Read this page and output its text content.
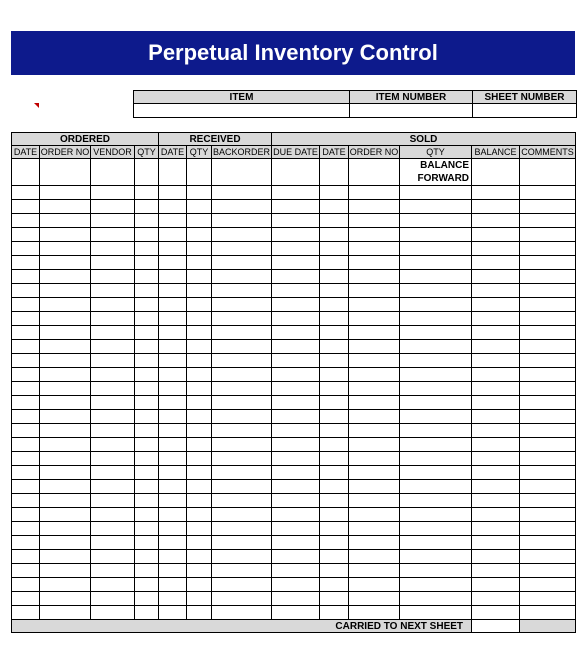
Perpetual Inventory Control
ITEM	ITEM NUMBER	SHEET NUMBER

ORDERED				RECEIVED			SOLD					
DATE	ORDER NO	VENDOR	QTY	DATE	QTY	BACKORDER	DUE DATE	DATE	ORDER NO	QTY	BALANCE	COMMENTS
										BALANCE FORWARD		

CARRIED TO NEXT SHEET												
